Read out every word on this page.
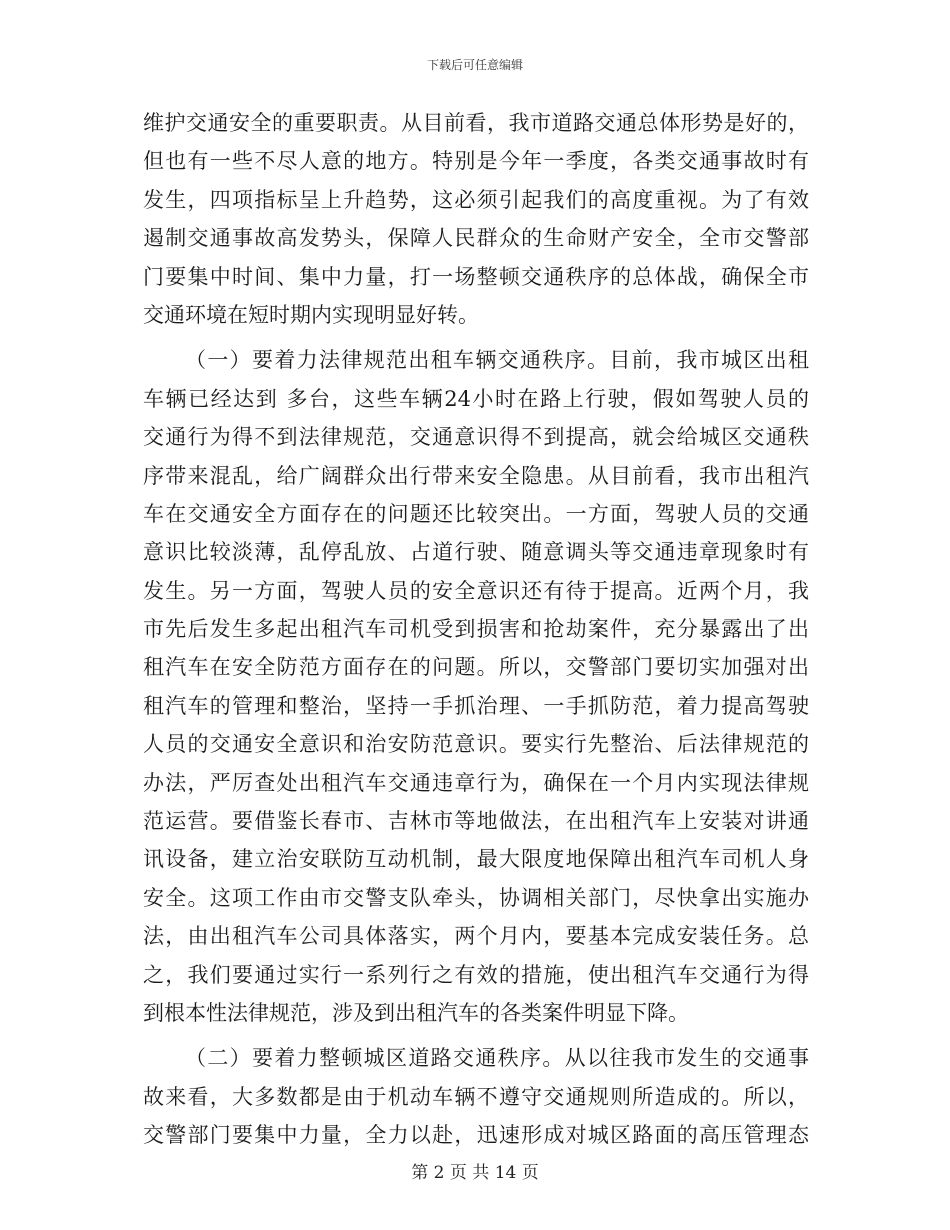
下载后可任意编辑
维护交通安全的重要职责。从目前看，我市道路交通总体形势是好的，
但也有一些不尽人意的地方。特别是今年一季度，各类交通事故时有
发生，四项指标呈上升趋势，这必须引起我们的高度重视。为了有效
遏制交通事故高发势头，保障人民群众的生命财产安全，全市交警部
门要集中时间、集中力量，打一场整顿交通秩序的总体战，确保全市
交通环境在短时期内实现明显好转。
（一）要着力法律规范出租车辆交通秩序。目前，我市城区出租
车辆已经达到 多台，这些车辆24小时在路上行驶，假如驾驶人员的
交通行为得不到法律规范，交通意识得不到提高，就会给城区交通秩
序带来混乱，给广阔群众出行带来安全隐患。从目前看，我市出租汽
车在交通安全方面存在的问题还比较突出。一方面，驾驶人员的交通
意识比较淡薄，乱停乱放、占道行驶、随意调头等交通违章现象时有
发生。另一方面，驾驶人员的安全意识还有待于提高。近两个月，我
市先后发生多起出租汽车司机受到损害和抢劫案件，充分暴露出了出
租汽车在安全防范方面存在的问题。所以，交警部门要切实加强对出
租汽车的管理和整治，坚持一手抓治理、一手抓防范，着力提高驾驶
人员的交通安全意识和治安防范意识。要实行先整治、后法律规范的
办法，严厉查处出租汽车交通违章行为，确保在一个月内实现法律规
范运营。要借鉴长春市、吉林市等地做法，在出租汽车上安装对讲通
讯设备，建立治安联防互动机制，最大限度地保障出租汽车司机人身
安全。这项工作由市交警支队牵头，协调相关部门，尽快拿出实施办
法，由出租汽车公司具体落实，两个月内，要基本完成安装任务。总
之，我们要通过实行一系列行之有效的措施，使出租汽车交通行为得
到根本性法律规范，涉及到出租汽车的各类案件明显下降。
（二）要着力整顿城区道路交通秩序。从以往我市发生的交通事
故来看，大多数都是由于机动车辆不遵守交通规则所造成的。所以，
交警部门要集中力量，全力以赴，迅速形成对城区路面的高压管理态
第 2 页 共 14 页
